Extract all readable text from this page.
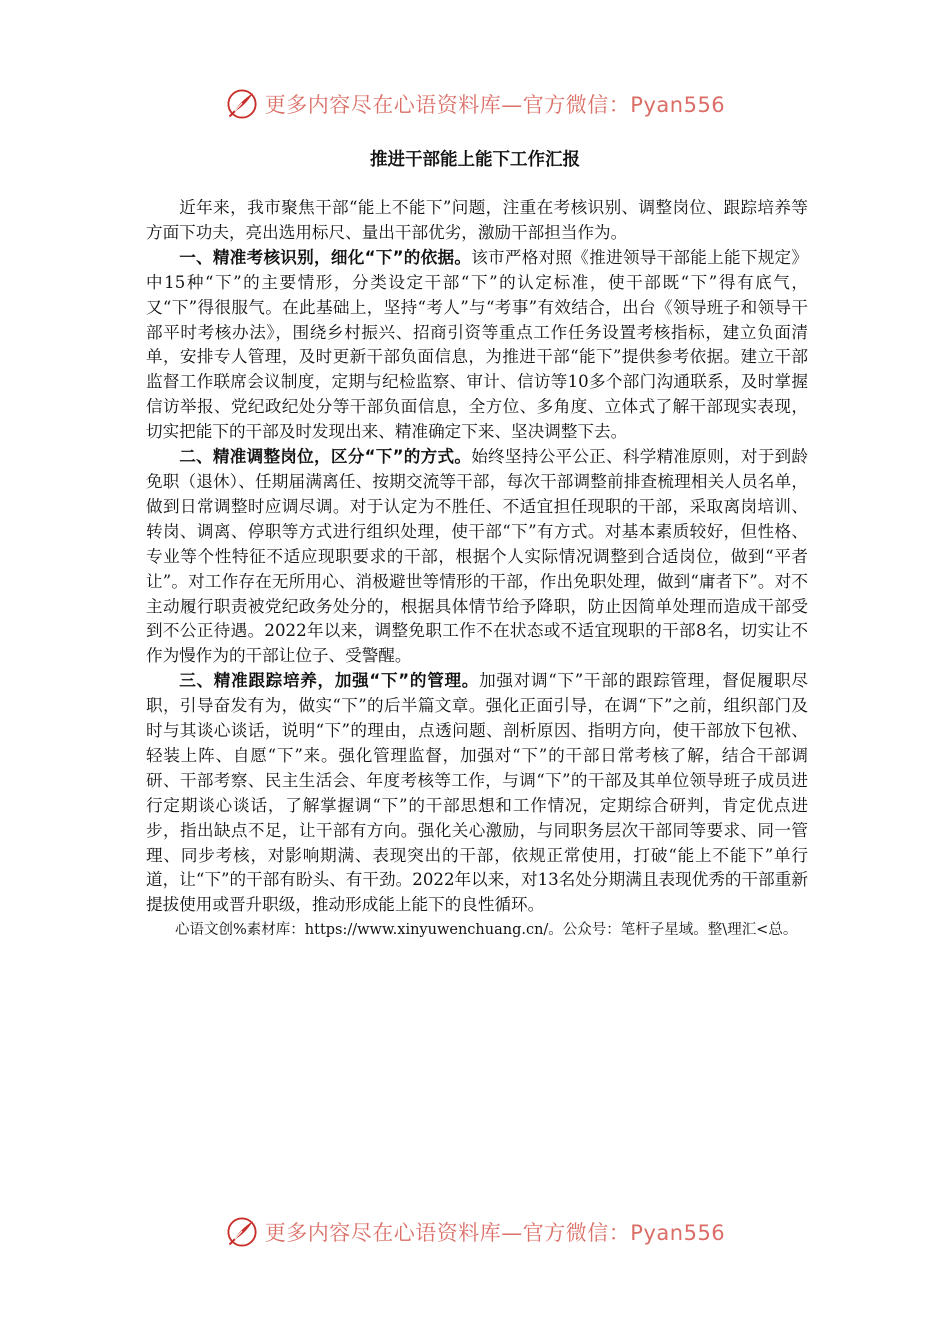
更多内容尽在心语资料库—官方微信：Pyan556
推进干部能上能下工作汇报

近年来，我市聚焦干部“能上不能下”问题，注重在考核识别、调整岗位、跟踪培养等方面下功夫，亮出选用标尺、量出干部优劣，激励干部担当作为。

一、精准考核识别，细化“下”的依据。该市严格对照《推进领导干部能上能下规定》中15种“下”的主要情形，分类设定干部“下”的认定标准，使干部既“下”得有底气，又“下”得很服气。在此基础上，坚持“考人”与“考事”有效结合，出台《领导班子和领导干部平时考核办法》，围绕乡村振兴、招商引资等重点工作任务设置考核指标，建立负面清单，安排专人管理，及时更新干部负面信息，为推进干部“能下”提供参考依据。建立干部监督工作联席会议制度，定期与纪检监察、审计、信访等10多个部门沟通联系，及时掌握信访举报、党纪政纪处分等干部负面信息，全方位、多角度、立体式了解干部现实表现，切实把能下的干部及时发现出来、精准确定下来、坚决调整下去。

二、精准调整岗位，区分“下”的方式。始终坚持公平公正、科学精准原则，对于到龄免职（退休）、任期届满离任、按期交流等干部，每次干部调整前排查梳理相关人员名单，做到日常调整时应调尽调。对于认定为不胜任、不适宜担任现职的干部，采取离岗培训、转岗、调离、停职等方式进行组织处理，使干部“下”有方式。对基本素质较好，但性格、专业等个性特征不适应现职要求的干部，根据个人实际情况调整到合适岗位，做到“平者让”。对工作存在无所用心、消极避世等情形的干部，作出免职处理，做到“庸者下”。对不主动履行职责被党纪政务处分的，根据具体情节给予降职，防止因简单处理而造成干部受到不公正待遇。2022年以来，调整免职工作不在状态或不适宜现职的干部8名，切实让不作为慢作为的干部让位子、受警醒。

三、精准跟踪培养，加强“下”的管理。加强对调“下”干部的跟踪管理，督促履职尽职，引导奋发有为，做实“下”的后半篇文章。强化正面引导，在调“下”之前，组织部门及时与其谈心谈话，说明“下”的理由，点透问题、剖析原因、指明方向，使干部放下包袱、轻装上阵、自愿“下”来。强化管理监督，加强对“下”的干部日常考核了解，结合干部调研、干部考察、民主生活会、年度考核等工作，与调“下”的干部及其单位领导班子成员进行定期谈心谈话，了解掌握调“下”的干部思想和工作情况，定期综合研判，肯定优点进步，指出缺点不足，让干部有方向。强化关心激励，与同职务层次干部同等要求、同一管理、同步考核，对影响期满、表现突出的干部，依规正常使用，打破“能上不能下”单行道，让“下”的干部有盼头、有干劲。2022年以来，对13名处分期满且表现优秀的干部重新提拔使用或晋升职级，推动形成能上能下的良性循环。

心语文创%素材库：https://www.xinyuwenchuang.cn/。公众号：笔杆子星域。整\理汇<总。

更多内容尽在心语资料库—官方微信：Pyan556
